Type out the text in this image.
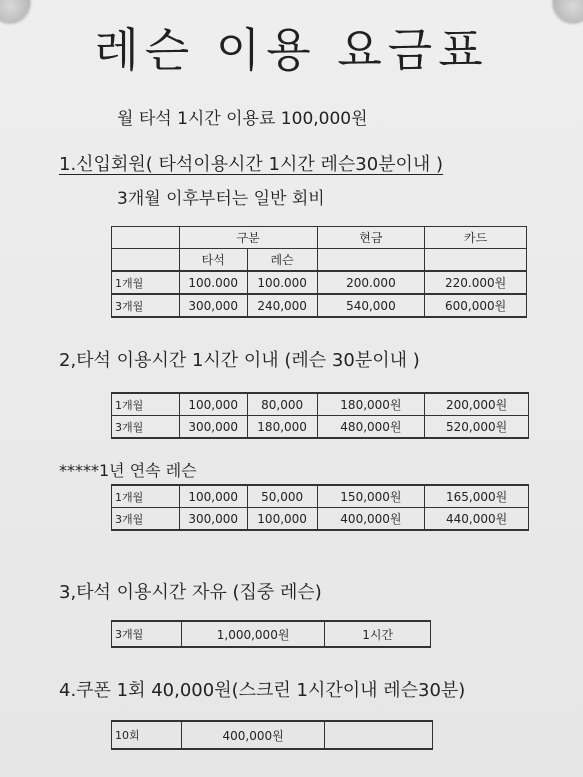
레슨 이용 요금표

월 타석 1시간 이용료 100,000원

1.신입회원( 타석이용시간 1시간 레슨30분이내 )

3개월 이후부터는 일반 회비

	구분		현금	카드
	타석	레슨		
1개월	100.000	100.000	200.000	220.000원
3개월	300,000	240,000	540,000	600,000원

2,타석 이용시간 1시간 이내 (레슨 30분이내 )

1개월	100,000	80,000	180,000원	200,000원
3개월	300,000	180,000	480,000원	520,000원

*****1년 연속 레슨

1개월	100,000	50,000	150,000원	165,000원
3개월	300,000	100,000	400,000원	440,000원

3,타석 이용시간 자유 (집중 레슨)

3개월	1,000,000원	1시간

4.쿠폰 1회 40,000원(스크린 1시간이내 레슨30분)

10회	400,000원	
